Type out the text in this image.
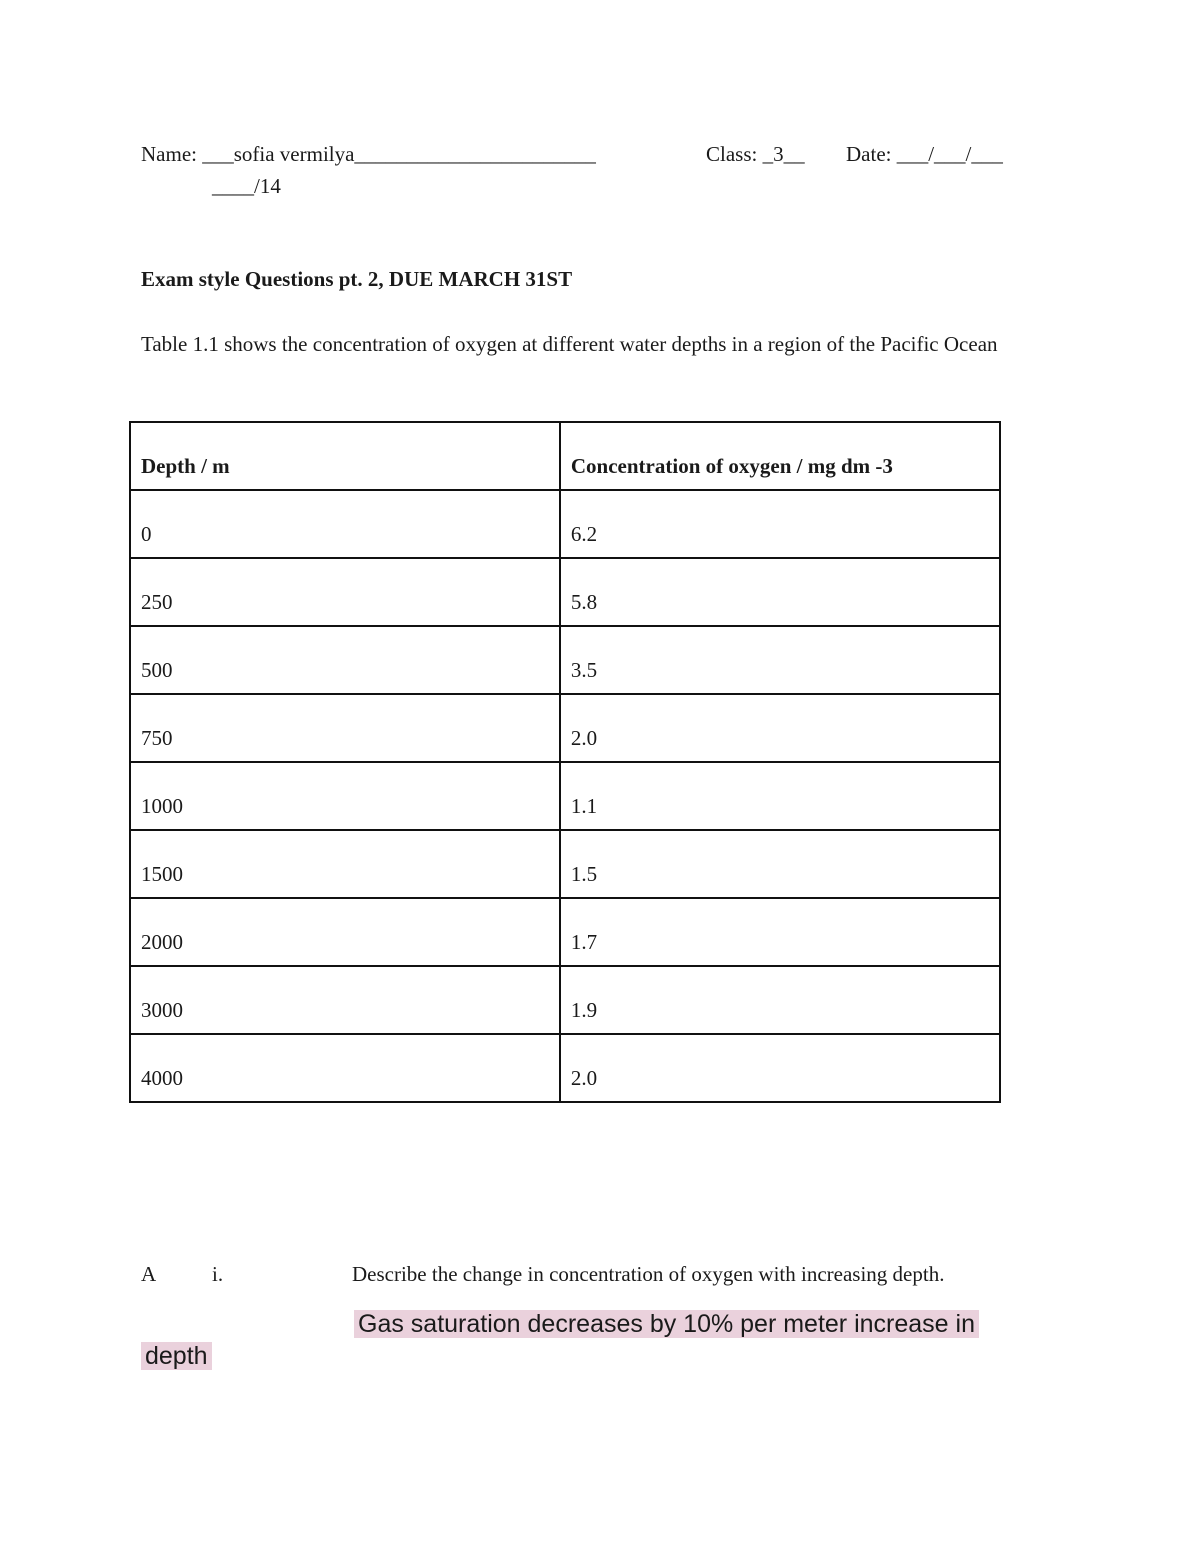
Name: ___sofia vermilya_______________________	Class: _3__ Date: ___/___/___
____/14
Exam style Questions pt. 2, DUE MARCH 31ST
Table 1.1 shows the concentration of oxygen at different water depths in a region of the Pacific Ocean
Depth / m	Concentration of oxygen / mg dm -3
0	6.2
250	5.8
500	3.5
750	2.0
1000	1.1
1500	1.5
2000	1.7
3000	1.9
4000	2.0
A	i.	Describe the change in concentration of oxygen with increasing depth.
Gas saturation decreases by 10% per meter increase in
depth
